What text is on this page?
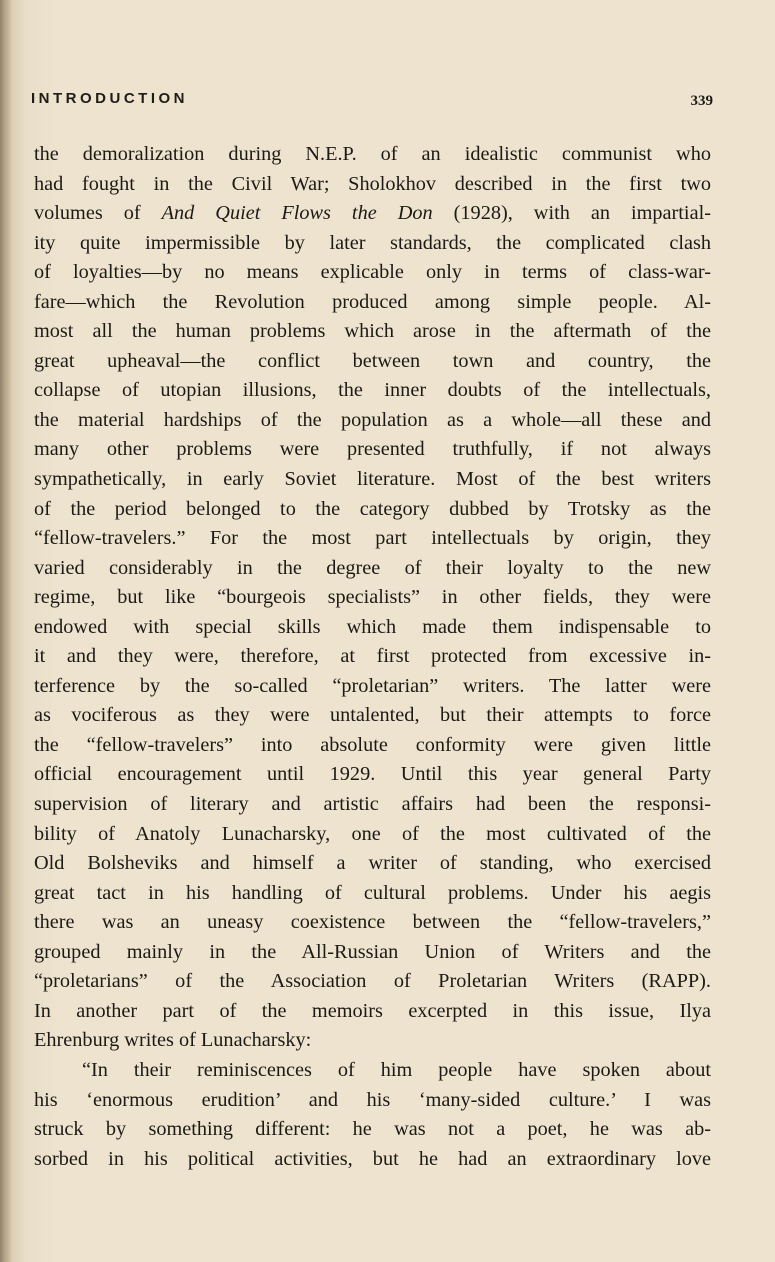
INTRODUCTION	339
the demoralization during N.E.P. of an idealistic communist who
had fought in the Civil War; Sholokhov described in the first two
volumes of And Quiet Flows the Don (1928), with an impartial-
ity quite impermissible by later standards, the complicated clash
of loyalties—by no means explicable only in terms of class-war-
fare—which the Revolution produced among simple people. Al-
most all the human problems which arose in the aftermath of the
great upheaval—the conflict between town and country, the
collapse of utopian illusions, the inner doubts of the intellectuals,
the material hardships of the population as a whole—all these and
many other problems were presented truthfully, if not always
sympathetically, in early Soviet literature. Most of the best writers
of the period belonged to the category dubbed by Trotsky as the
“fellow-travelers.” For the most part intellectuals by origin, they
varied considerably in the degree of their loyalty to the new
regime, but like “bourgeois specialists” in other fields, they were
endowed with special skills which made them indispensable to
it and they were, therefore, at first protected from excessive in-
terference by the so-called “proletarian” writers. The latter were
as vociferous as they were untalented, but their attempts to force
the “fellow-travelers” into absolute conformity were given little
official encouragement until 1929. Until this year general Party
supervision of literary and artistic affairs had been the responsi-
bility of Anatoly Lunacharsky, one of the most cultivated of the
Old Bolsheviks and himself a writer of standing, who exercised
great tact in his handling of cultural problems. Under his aegis
there was an uneasy coexistence between the “fellow-travelers,”
grouped mainly in the All-Russian Union of Writers and the
“proletarians” of the Association of Proletarian Writers (RAPP).
In another part of the memoirs excerpted in this issue, Ilya
Ehrenburg writes of Lunacharsky:
“In their reminiscences of him people have spoken about
his ‘enormous erudition’ and his ‘many-sided culture.’ I was
struck by something different: he was not a poet, he was ab-
sorbed in his political activities, but he had an extraordinary love
